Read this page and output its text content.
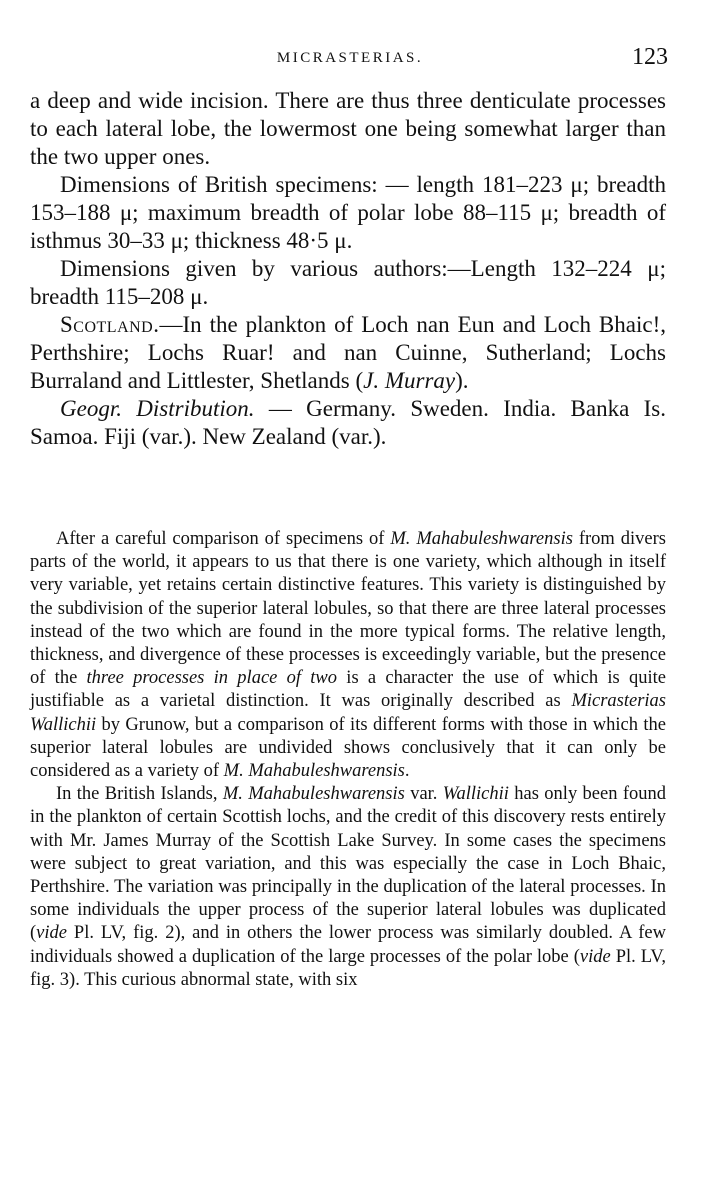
MICRASTERIAS.	123

a deep and wide incision. There are thus three denticulate processes to each lateral lobe, the lowermost one being somewhat larger than the two upper ones.

Dimensions of British specimens: — length 181–223 μ; breadth 153–188 μ; maximum breadth of polar lobe 88–115 μ; breadth of isthmus 30–33 μ; thickness 48·5 μ.

Dimensions given by various authors:—Length 132–224 μ; breadth 115–208 μ.

Scotland.—In the plankton of Loch nan Eun and Loch Bhaic!, Perthshire; Lochs Ruar! and nan Cuinne, Sutherland; Lochs Burraland and Littlester, Shetlands (J. Murray).

Geogr. Distribution. — Germany. Sweden. India. Banka Is. Samoa. Fiji (var.). New Zealand (var.).

After a careful comparison of specimens of M. Mahabuleshwarensis from divers parts of the world, it appears to us that there is one variety, which although in itself very variable, yet retains certain distinctive features. This variety is distinguished by the subdivision of the superior lateral lobules, so that there are three lateral processes instead of the two which are found in the more typical forms. The relative length, thickness, and divergence of these processes is exceedingly variable, but the presence of the three processes in place of two is a character the use of which is quite justifiable as a varietal distinction. It was originally described as Micrasterias Wallichii by Grunow, but a comparison of its different forms with those in which the superior lateral lobules are undivided shows conclusively that it can only be considered as a variety of M. Mahabuleshwarensis.

In the British Islands, M. Mahabuleshwarensis var. Wallichii has only been found in the plankton of certain Scottish lochs, and the credit of this discovery rests entirely with Mr. James Murray of the Scottish Lake Survey. In some cases the specimens were subject to great variation, and this was especially the case in Loch Bhaic, Perthshire. The variation was principally in the duplication of the lateral processes. In some individuals the upper process of the superior lateral lobules was duplicated (vide Pl. LV, fig. 2), and in others the lower process was similarly doubled. A few individuals showed a duplication of the large processes of the polar lobe (vide Pl. LV, fig. 3). This curious abnormal state, with six
